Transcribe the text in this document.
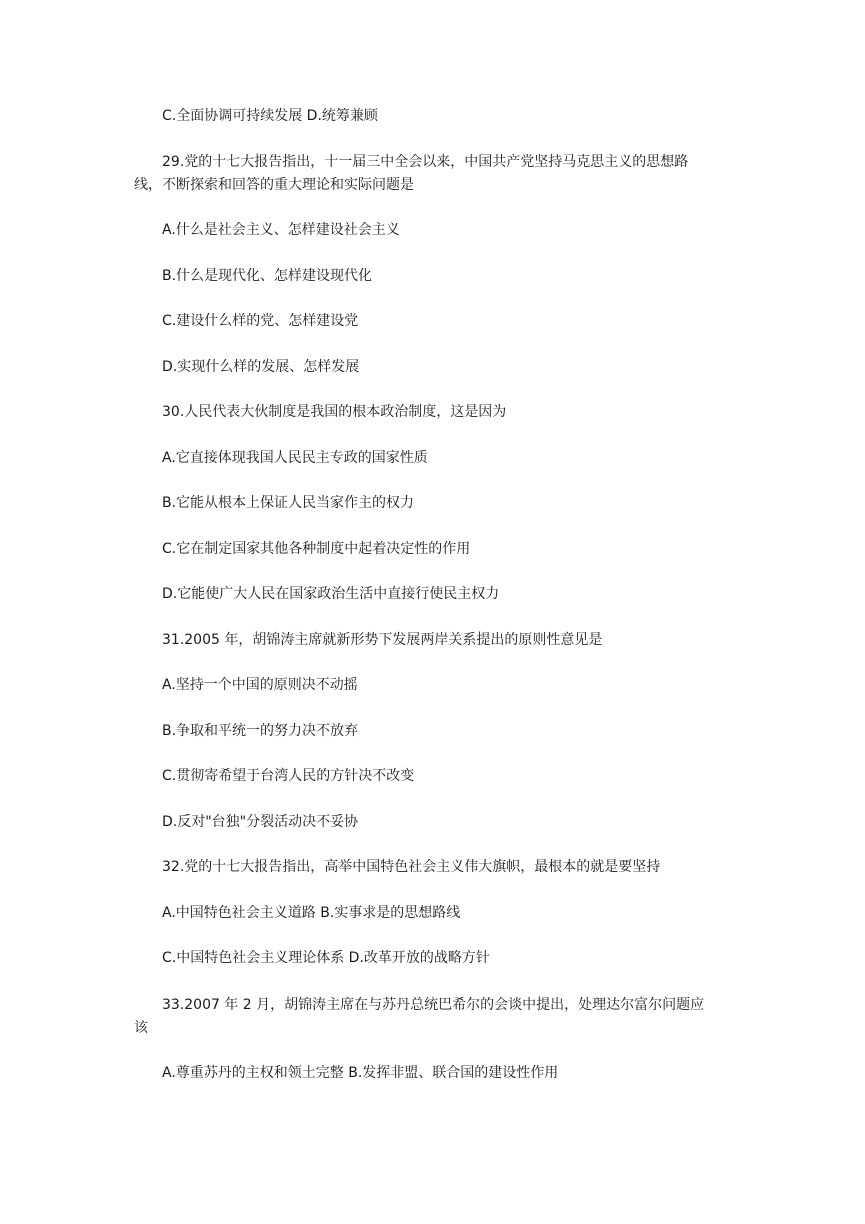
C.全面协调可持续发展 D.统筹兼顾
29.党的十七大报告指出，十一届三中全会以来，中国共产党坚持马克思主义的思想路
线，不断探索和回答的重大理论和实际问题是
A.什么是社会主义、怎样建设社会主义
B.什么是现代化、怎样建设现代化
C.建设什么样的党、怎样建设党
D.实现什么样的发展、怎样发展
30.人民代表大伙制度是我国的根本政治制度，这是因为
A.它直接体现我国人民民主专政的国家性质
B.它能从根本上保证人民当家作主的权力
C.它在制定国家其他各种制度中起着决定性的作用
D.它能使广大人民在国家政治生活中直接行使民主权力
31.2005 年，胡锦涛主席就新形势下发展两岸关系提出的原则性意见是
A.坚持一个中国的原则决不动摇
B.争取和平统一的努力决不放弃
C.贯彻寄希望于台湾人民的方针决不改变
D.反对"台独"分裂活动决不妥协
32.党的十七大报告指出，高举中国特色社会主义伟大旗帜，最根本的就是要坚持
A.中国特色社会主义道路 B.实事求是的思想路线
C.中国特色社会主义理论体系 D.改革开放的战略方针
33.2007 年 2 月，胡锦涛主席在与苏丹总统巴希尔的会谈中提出，处理达尔富尔问题应
该
A.尊重苏丹的主权和领土完整 B.发挥非盟、联合国的建设性作用
